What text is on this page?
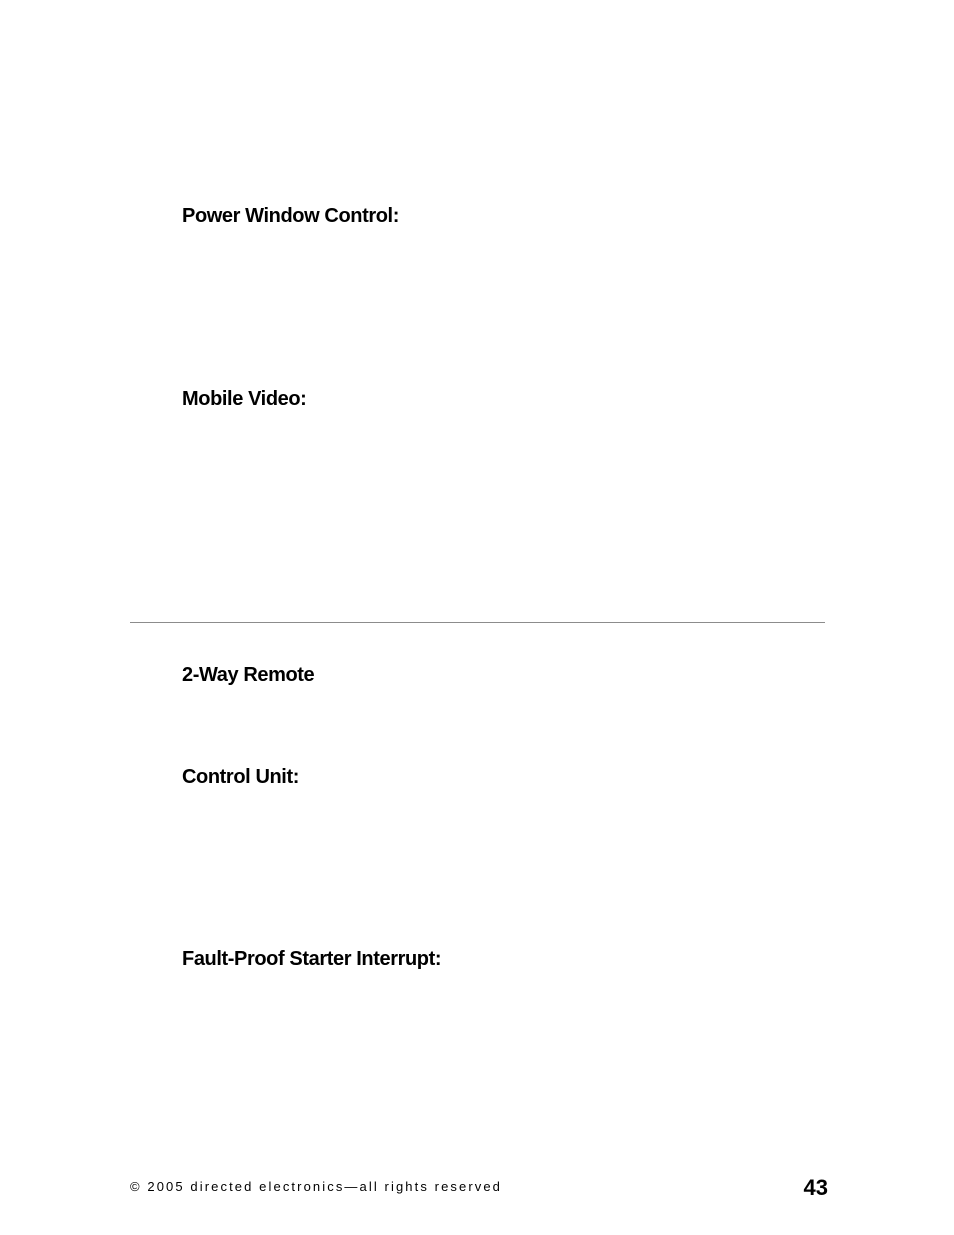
Power Window Control:
Mobile Video:
2-Way Remote
Control Unit:
Fault-Proof Starter Interrupt:
© 2005 directed electronics—all rights reserved	43
